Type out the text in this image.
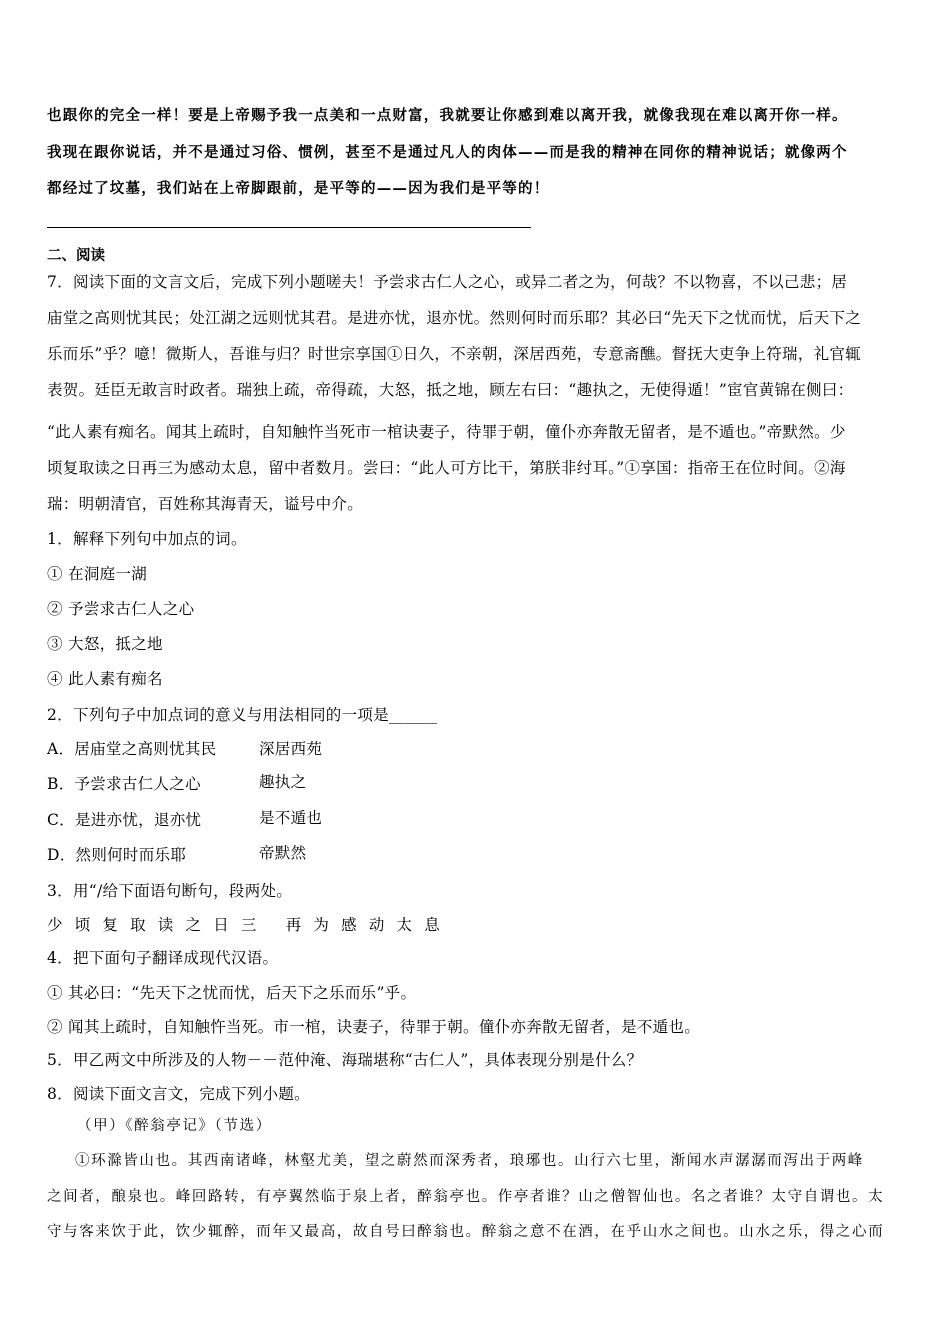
也跟你的完全一样！要是上帝赐予我一点美和一点财富，我就要让你感到难以离开我，就像我现在难以离开你一样。
我现在跟你说话，并不是通过习俗、惯例，甚至不是通过凡人的肉体——而是我的精神在同你的精神说话；就像两个
都经过了坟墓，我们站在上帝脚跟前，是平等的——因为我们是平等的！
二、阅读
7．阅读下面的文言文后，完成下列小题嗟夫！予尝求古仁人之心，或异二者之为，何哉？不以物喜，不以己悲；居
庙堂之高则忧其民；处江湖之远则忧其君。是进亦忧，退亦忧。然则何时而乐耶？其必曰“先天下之忧而忧，后天下之
乐而乐”乎？噫！微斯人，吾谁与归？时世宗享国①日久，不亲朝，深居西苑，专意斋醮。督抚大吏争上符瑞，礼官辄
表贺。廷臣无敢言时政者。瑞独上疏，帝得疏，大怒，抵之地，顾左右曰：“趣执之，无使得遁！”宦官黄锦在侧曰：
“此人素有痴名。闻其上疏时，自知触忤当死市一棺诀妻子，待罪于朝，僮仆亦奔散无留者，是不遁也。”帝默然。少
顷复取读之日再三为感动太息，留中者数月。尝曰：“此人可方比干，第朕非纣耳。”①享国：指帝王在位时间。②海
瑞：明朝清官，百姓称其海青天，谥号中介。
1．解释下列句中加点的词。
① 在洞庭一湖
② 予尝求古仁人之心
③ 大怒，抵之地
④ 此人素有痴名
2．下列句子中加点词的意义与用法相同的一项是______
A．居庙堂之高则忧其民	深居西苑
B．予尝求古仁人之心	趣执之
C．是进亦忧，退亦忧	是不遁也
D．然则何时而乐耶	帝默然
3．用“/给下面语句断句，段两处。
少顷复取读之日三 再为感动太息
4．把下面句子翻译成现代汉语。
① 其必曰：“先天下之忧而忧，后天下之乐而乐”乎。
② 闻其上疏时，自知触忤当死。市一棺，诀妻子，待罪于朝。僮仆亦奔散无留者，是不遁也。
5．甲乙两文中所涉及的人物－－范仲淹、海瑞堪称“古仁人”，具体表现分别是什么？
8．阅读下面文言文，完成下列小题。
（甲）《醉翁亭记》（节选）
①环滁皆山也。其西南诸峰，林壑尤美，望之蔚然而深秀者，琅琊也。山行六七里，渐闻水声潺潺而泻出于两峰
之间者，酿泉也。峰回路转，有亭翼然临于泉上者，醉翁亭也。作亭者谁？山之僧智仙也。名之者谁？太守自谓也。太
守与客来饮于此，饮少辄醉，而年又最高，故自号曰醉翁也。醉翁之意不在酒，在乎山水之间也。山水之乐，得之心而
